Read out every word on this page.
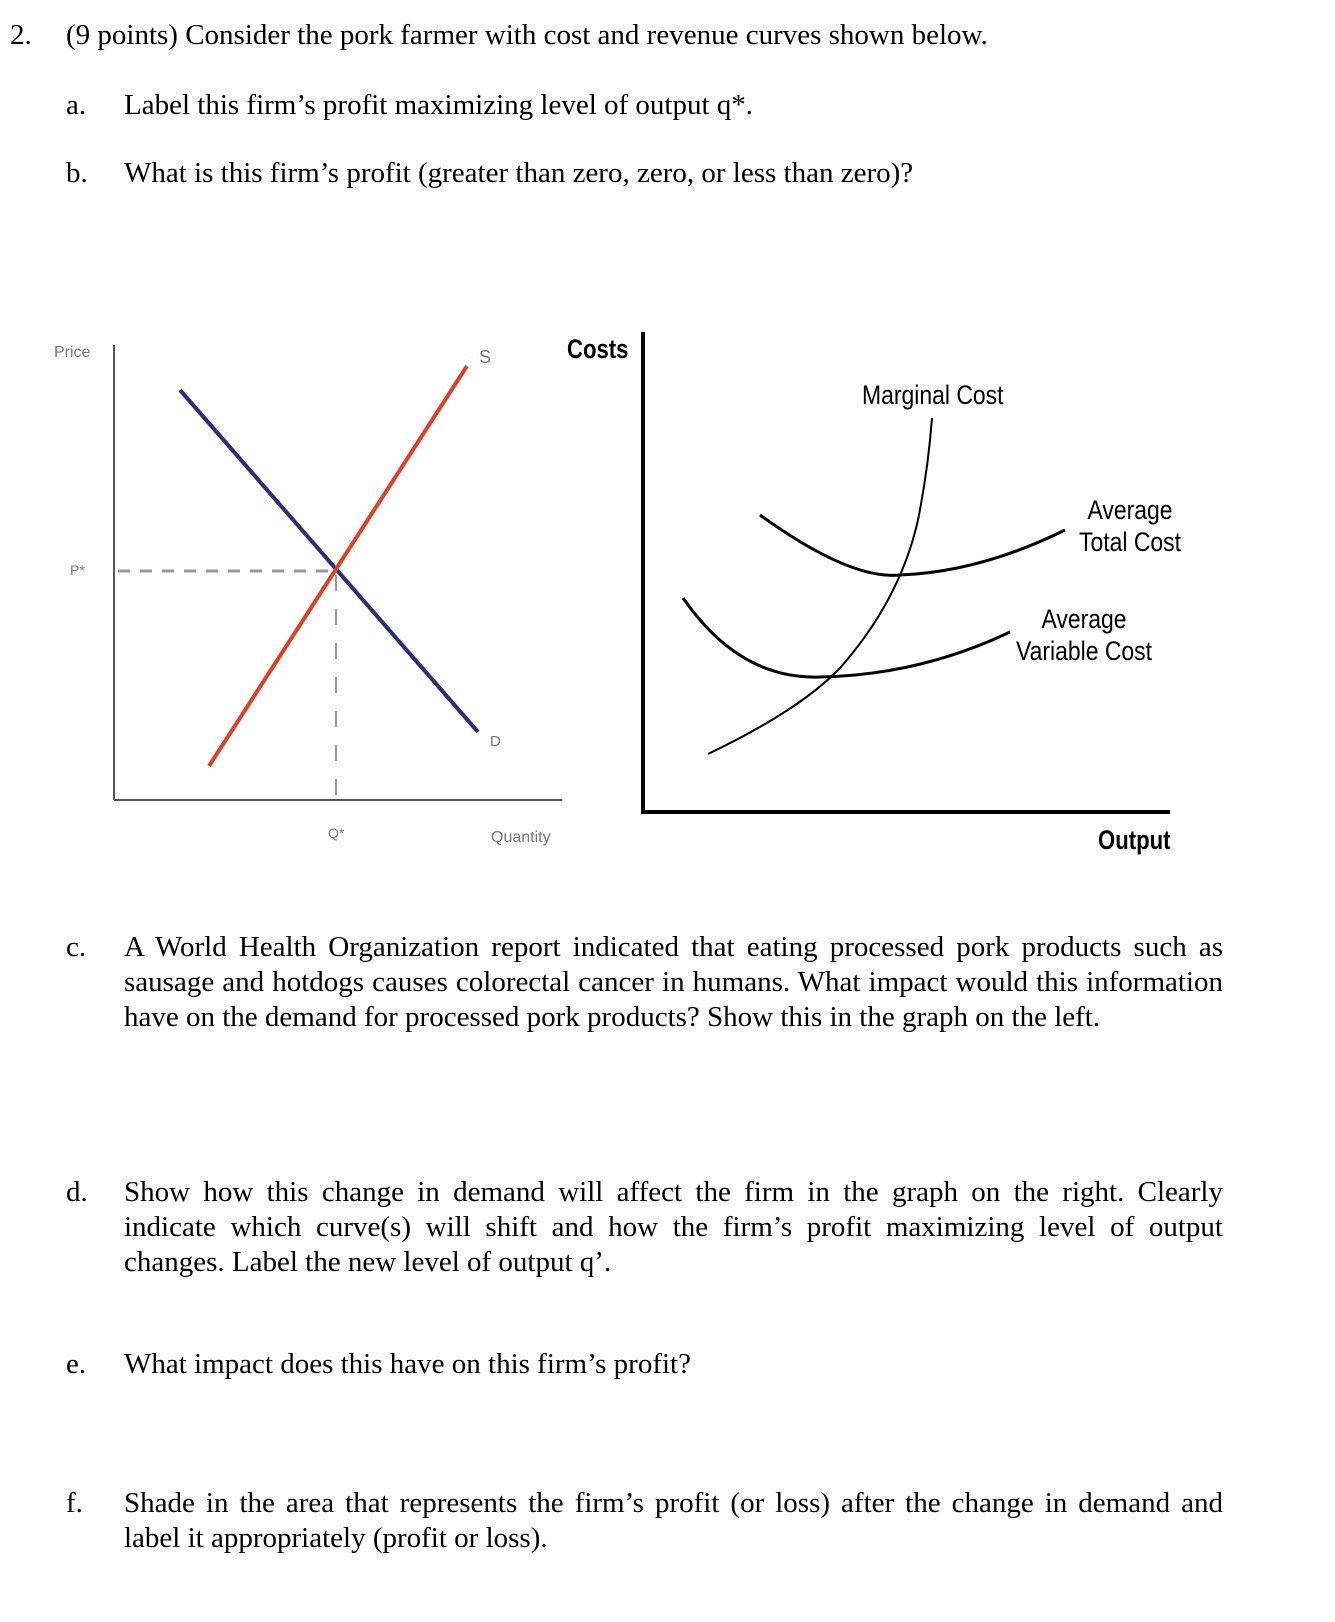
2. (9 points) Consider the pork farmer with cost and revenue curves shown below.
a. Label this firm’s profit maximizing level of output q*.
b. What is this firm’s profit (greater than zero, zero, or less than zero)?
Price	S
P*
D
Q*	Quantity
Costs
Marginal Cost
Average
Total Cost
Average
Variable Cost
Output
c. A World Health Organization report indicated that eating processed pork products such as sausage and hotdogs causes colorectal cancer in humans. What impact would this information have on the demand for processed pork products? Show this in the graph on the left.
d. Show how this change in demand will affect the firm in the graph on the right. Clearly indicate which curve(s) will shift and how the firm’s profit maximizing level of output changes. Label the new level of output q’.
e. What impact does this have on this firm’s profit?
f. Shade in the area that represents the firm’s profit (or loss) after the change in demand and label it appropriately (profit or loss).
